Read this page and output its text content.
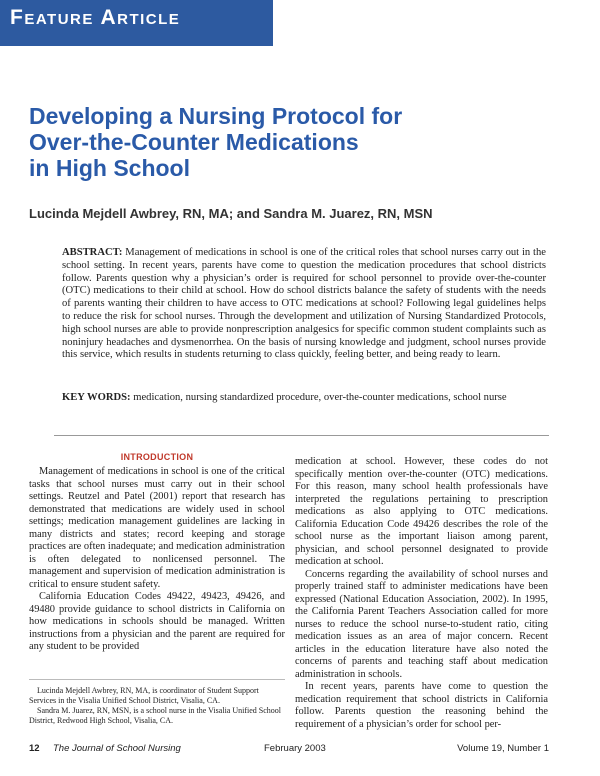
Feature Article
Developing a Nursing Protocol for
Over-the-Counter Medications
in High School
Lucinda Mejdell Awbrey, RN, MA; and Sandra M. Juarez, RN, MSN

ABSTRACT: Management of medications in school is one of the critical roles that school nurses carry out in the school setting. In recent years, parents have come to question the medication procedures that school districts follow. Parents question why a physician’s order is required for school personnel to provide over-the-counter (OTC) medications to their child at school. How do school districts balance the safety of students with the needs of parents wanting their children to have access to OTC medications at school? Following legal guidelines helps to reduce the risk for school nurses. Through the development and utilization of Nursing Standardized Protocols, high school nurses are able to provide nonprescription analgesics for specific common student complaints such as noninjury headaches and dysmenorrhea. On the basis of nursing knowledge and judgment, school nurses provide this service, which results in students returning to class quickly, feeling better, and being ready to learn.

KEY WORDS: medication, nursing standardized procedure, over-the-counter medications, school nurse

INTRODUCTION

Management of medications in school is one of the critical tasks that school nurses must carry out in their school settings. Reutzel and Patel (2001) report that research has demonstrated that medications are widely used in school settings; medication management guidelines are lacking in many districts and states; record keeping and storage practices are often inadequate; and medication administration is often delegated to nonlicensed personnel. The management and supervision of medication administration is critical to ensure student safety.

California Education Codes 49422, 49423, 49426, and 49480 provide guidance to school districts in California on how medications in schools should be managed. Written instructions from a physician and the parent are required for any student to be provided

medication at school. However, these codes do not specifically mention over-the-counter (OTC) medications. For this reason, many school health professionals have interpreted the regulations pertaining to prescription medications as also applying to OTC medications. California Education Code 49426 describes the role of the school nurse as the important liaison among parent, physician, and school personnel designated to provide medication at school.

Concerns regarding the availability of school nurses and properly trained staff to administer medications have been expressed (National Education Association, 2002). In 1995, the California Parent Teachers Association called for more nurses to reduce the school nurse-to-student ratio, citing medication issues as an area of major concern. Recent articles in the education literature have also noted the concerns of parents and teaching staff about medication administration in schools.

In recent years, parents have come to question the medication requirement that school districts in California follow. Parents question the reasoning behind the requirement of a physician’s order for school per-

Lucinda Mejdell Awbrey, RN, MA, is coordinator of Student Support Services in the Visalia Unified School District, Visalia, CA.

Sandra M. Juarez, RN, MSN, is a school nurse in the Visalia Unified School District, Redwood High School, Visalia, CA.

12 The Journal of School Nursing	February 2003	Volume 19, Number 1
